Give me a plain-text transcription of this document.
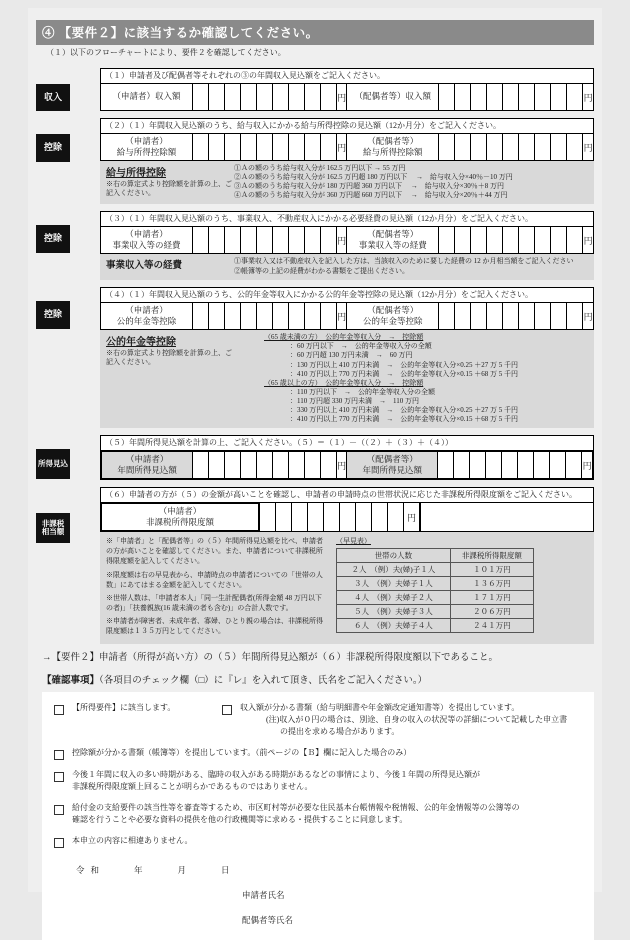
④ 【要件２】に該当するか確認してください。
（１）以下のフローチャートにより、要件２を確認してください。
収入
（１）申請者及び配偶者等それぞれの③の年間収入見込額をご記入ください。
（申請者）収入額	円 （配偶者等）収入額	円
控除
（２）（１）年間収入見込額のうち、給与収入にかかる給与所得控除の見込額（12か月分）をご記入ください。
（申請者）
給与所得控除額	円
（配偶者等）
給与所得控除額	円
給与所得控除
※右の算定式より控除額を計算の上、ご記入ください。
①Ａの額のうち給与収入分が 162.5 万円以下 → 55 万円
②Ａの額のうち給与収入分が 162.5 万円超 180 万円以下 　→　給与収入分×40％－10 万円
③Ａの額のうち給与収入分が 180 万円超 360 万円以下 　→　給与収入分×30％＋8 万円
④Ａの額のうち給与収入分が 360 万円超 660 万円以下 　→　給与収入分×20％＋44 万円
控除
（３）（１）年間収入見込額のうち、事業収入、不動産収入にかかる必要経費の見込額（12か月分）をご記入ください。
（申請者）
事業収入等の経費	円
（配偶者等）
事業収入等の経費	円
事業収入等の経費	①事業収入又は不動産収入を記入した方は、当該収入のために要した経費の 12 か月相当額をご記入ください
②帳簿等の上記の経費がわかる書類をご提出ください。
控除
（４）（１）年間収入見込額のうち、公的年金等収入にかかる公的年金等控除の見込額（12か月分）をご記入ください。
（申請者）
公的年金等控除	円
（配偶者等）
公的年金等控除	円
公的年金等控除
※右の算定式より控除額を計算の上、ご記入ください。
（65 歳未満の方）　公的年金等収入分　→　控除額
：60 万円以下　→　公的年金等収入分の全額
：60 万円超 130 万円未満　→　60 万円
：130 万円以上 410 万円未満　→　公的年金等収入分×0.25 ＋27 万 5 千円
：410 万円以上 770 万円未満　→　公的年金等収入分×0.15 ＋68 万 5 千円
（65 歳以上の方）　公的年金等収入分　→　控除額
：110 万円以下　→　公的年金等収入分の全額
：110 万円超 330 万円未満　→　110 万円
：330 万円以上 410 万円未満　→　公的年金等収入分×0.25 ＋27 万 5 千円
：410 万円以上 770 万円未満　→　公的年金等収入分×0.15 ＋68 万 5 千円
所得見込
（５）年間所得見込額を計算の上、ご記入ください。（５）＝（１）－（（２）＋（３）＋（４））
（申請者）
年間所得見込額	円
（配偶者等）
年間所得見込額	円
非課税
相当額
（６）申請者の方が（５）の金額が高いことを確認し、申請者の申請時点の世帯状況に応じた非課税所得限度額をご記入ください。
（申請者）
非課税所得限度額	円

※「申請者」と「配偶者等」の（５）年間所得見込額を比べ、申請者の方が高いことを確認してください。また、申請者について非課税所得限度額を記入してください。

※限度額は右の早見表から、申請時点の申請者についての「世帯の人数」にあてはまる金額を記入してください。

※世帯人数は、「申請者本人」「同一生計配偶者(所得金額 48 万円以下の者)」「扶養親族(16 歳未満の者も含む)」の合計人数です。

※申請者が障害者、未成年者、寡婦、ひとり親の場合は、非課税所得限度額は１３５万円としてください。

（早見表）
世帯の人数	非課税所得限度額
２人　（例）夫(婦)子１人	１０１万円
３人　（例）夫婦子１人	１３６万円
４人　（例）夫婦子２人	１７１万円
５人　（例）夫婦子３人	２０６万円
６人　（例）夫婦子４人	２４１万円
→【要件２】申請者（所得が高い方）の（５）年間所得見込額が（６）非課税所得限度額以下であること。
【確認事項】（各項目のチェック欄（□）に『レ』を入れて頂き、氏名をご記入ください。）
【所得要件】に該当します。	収入額が分かる書類（給与明細書や年金額改定通知書等）を提出しています。
(注)収入が０円の場合は、別途、自身の収入の状況等の詳細について記載した申立書
の提出を求める場合があります。
控除額が分かる書類（帳簿等）を提出しています。（前ページの【Ｂ】欄に記入した場合のみ）
今後１年間に収入の多い時期がある、臨時の収入がある時期があるなどの事情により、今後１年間の所得見込額が
非課税所得限度額上回ることが明らかであるものではありません。
給付金の支給要件の該当性等を審査等するため、市区町村等が必要な住民基本台帳情報や税情報、公的年金情報等の公簿等の
確認を行うことや必要な資料の提供を他の行政機関等に求める・提供することに同意します。
本申立の内容に相違ありません。
令和　　年　　月　　日
申請者氏名
配偶者等氏名
